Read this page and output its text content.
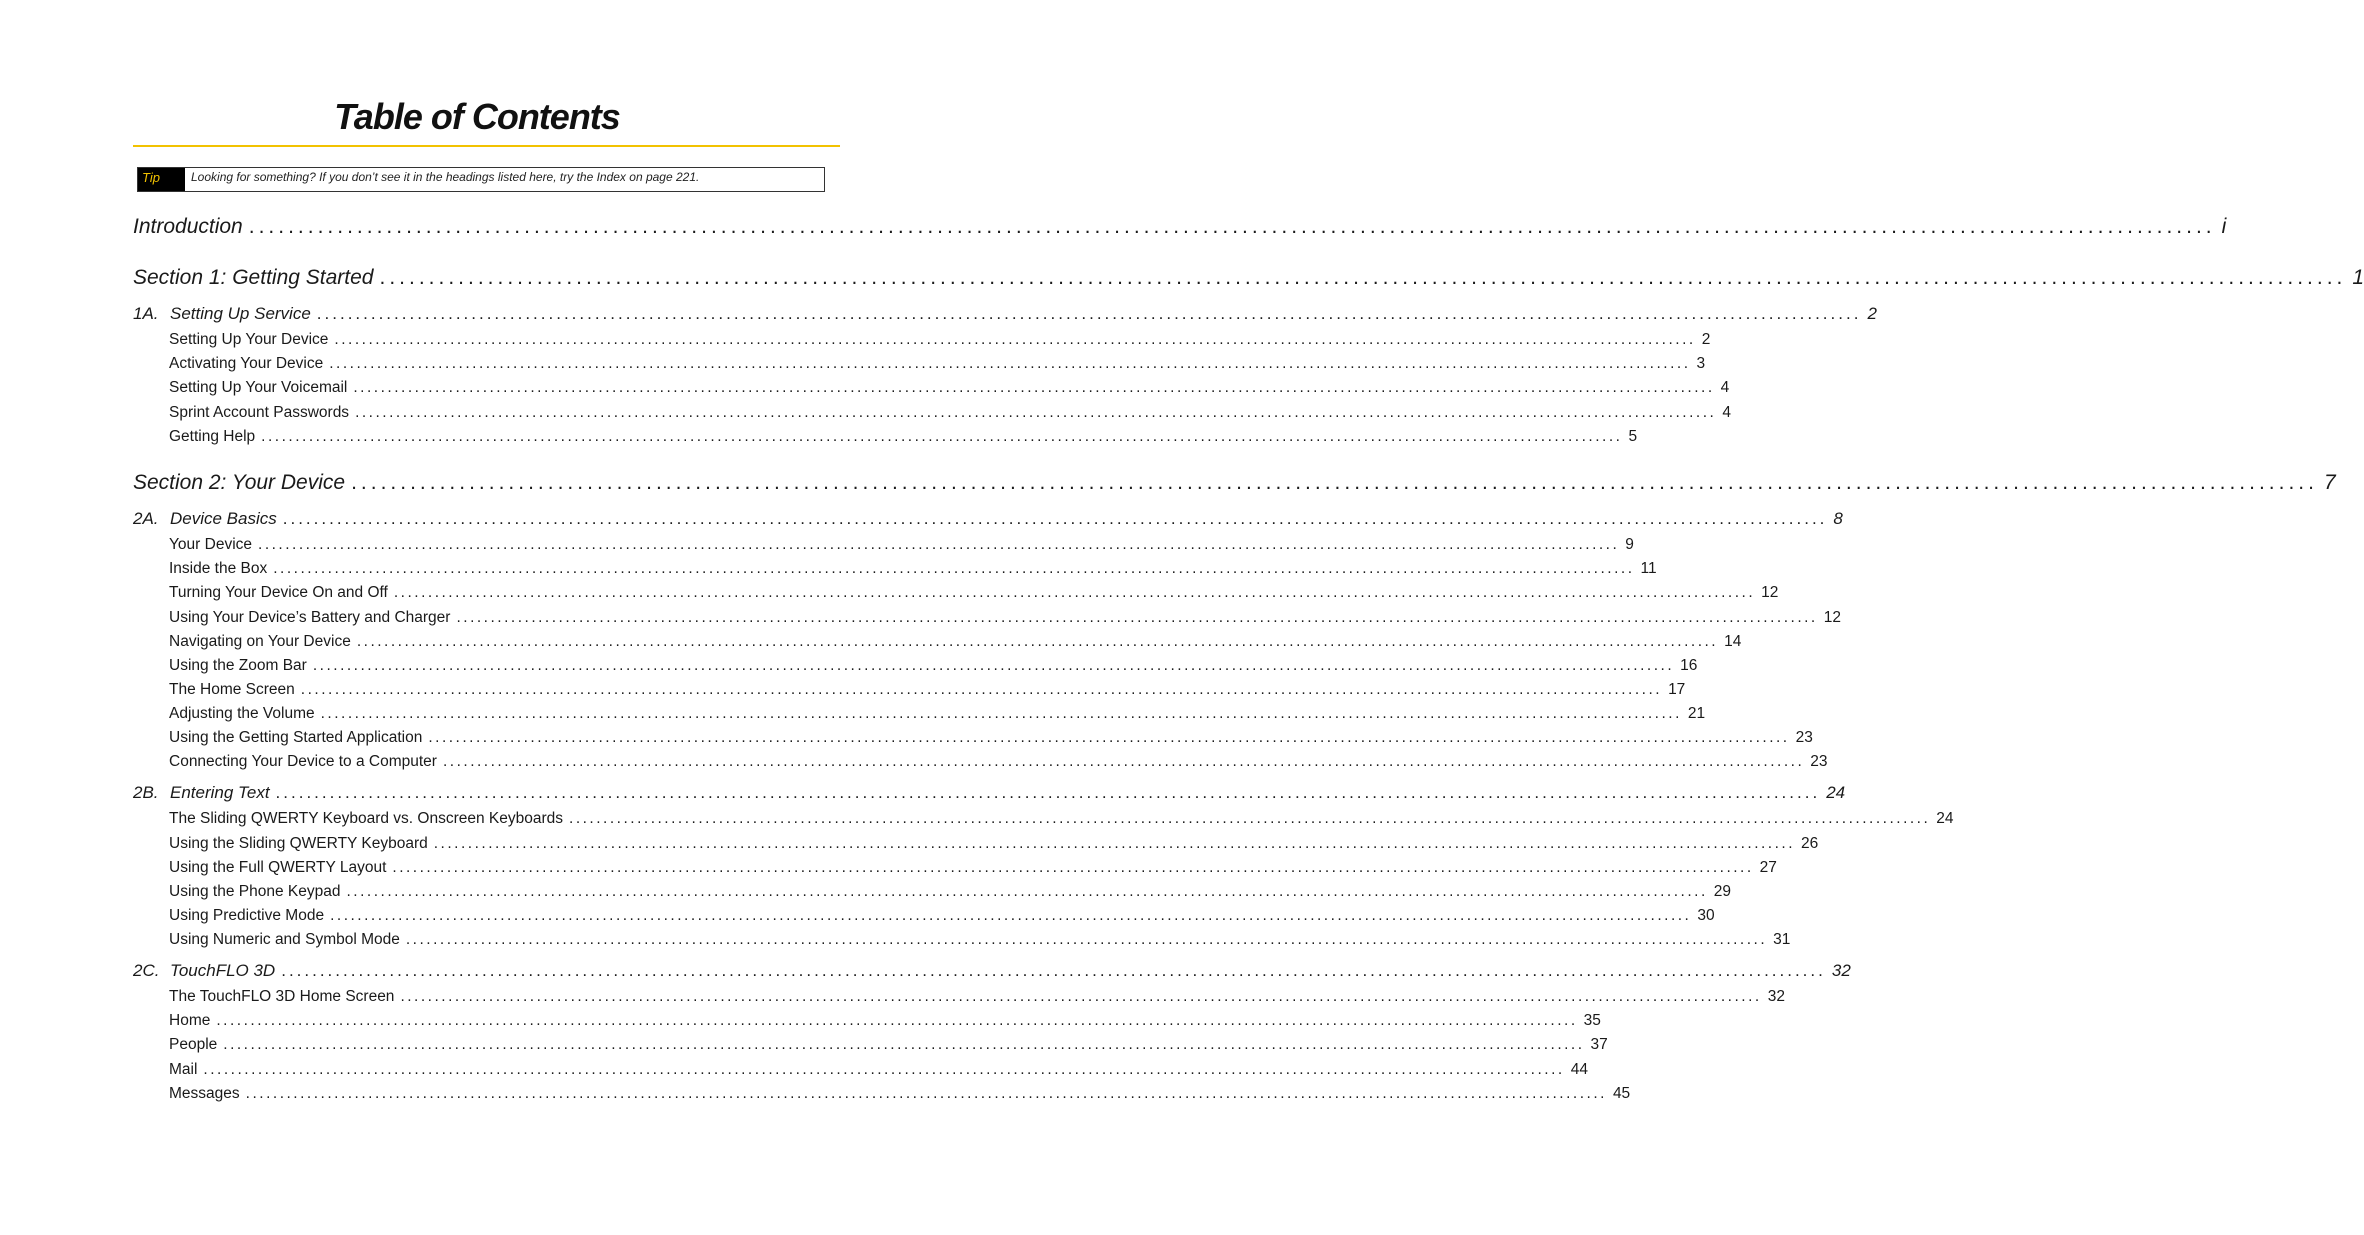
Table of Contents
Tip	Looking for something? If you don’t see it in the headings listed here, try the Index on page 221.
Introduction ........................................................................................................................................................................................................ i
Section 1: Getting Started ........................................................................................................................................................................................................ 1
1A. Setting Up Service ........................................................................................................................................................................................................ 2
Setting Up Your Device ........................................................................................................................................................................................................ 2
Activating Your Device ........................................................................................................................................................................................................ 3
Setting Up Your Voicemail ........................................................................................................................................................................................................ 4
Sprint Account Passwords ........................................................................................................................................................................................................ 4
Getting Help ........................................................................................................................................................................................................ 5
Section 2: Your Device ........................................................................................................................................................................................................ 7
2A. Device Basics ........................................................................................................................................................................................................ 8
Your Device ........................................................................................................................................................................................................ 9
Inside the Box ........................................................................................................................................................................................................ 11
Turning Your Device On and Off ........................................................................................................................................................................................................ 12
Using Your Device’s Battery and Charger ........................................................................................................................................................................................................ 12
Navigating on Your Device ........................................................................................................................................................................................................ 14
Using the Zoom Bar ........................................................................................................................................................................................................ 16
The Home Screen ........................................................................................................................................................................................................ 17
Adjusting the Volume ........................................................................................................................................................................................................ 21
Using the Getting Started Application ........................................................................................................................................................................................................ 23
Connecting Your Device to a Computer ........................................................................................................................................................................................................ 23
2B. Entering Text ........................................................................................................................................................................................................ 24
The Sliding QWERTY Keyboard vs. Onscreen Keyboards ........................................................................................................................................................................................................ 24
Using the Sliding QWERTY Keyboard ........................................................................................................................................................................................................ 26
Using the Full QWERTY Layout ........................................................................................................................................................................................................ 27
Using the Phone Keypad ........................................................................................................................................................................................................ 29
Using Predictive Mode ........................................................................................................................................................................................................ 30
Using Numeric and Symbol Mode ........................................................................................................................................................................................................ 31
2C. TouchFLO 3D ........................................................................................................................................................................................................ 32
The TouchFLO 3D Home Screen ........................................................................................................................................................................................................ 32
Home ........................................................................................................................................................................................................ 35
People ........................................................................................................................................................................................................ 37
Mail ........................................................................................................................................................................................................ 44
Messages ........................................................................................................................................................................................................ 45
